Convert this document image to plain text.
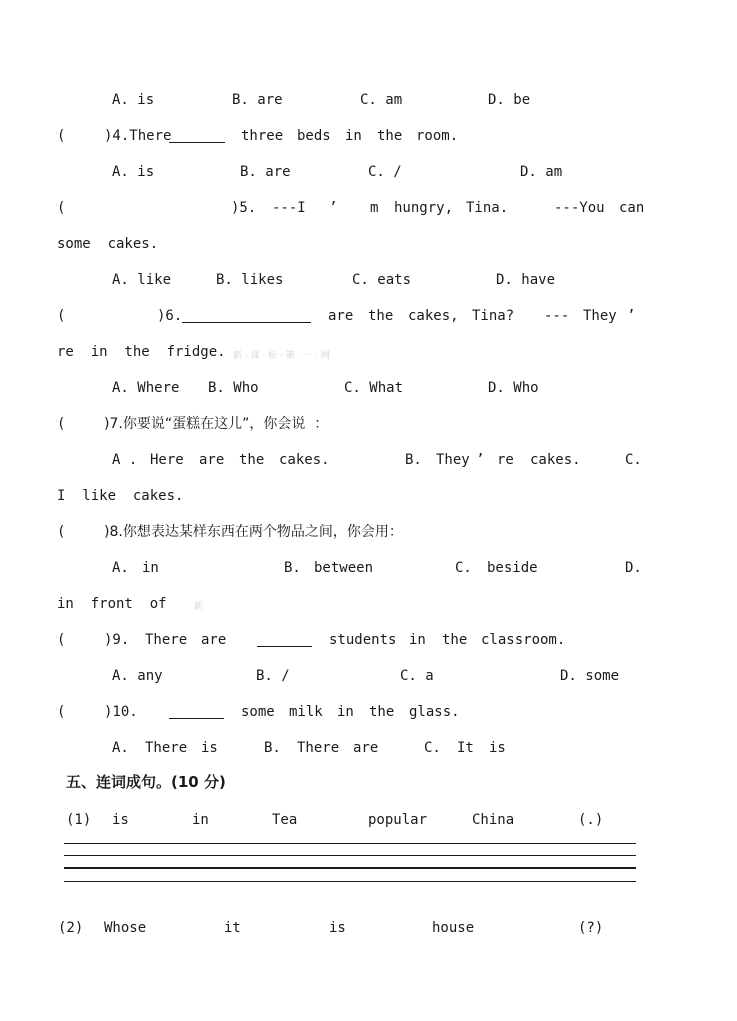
A. is	B. are	C. am	D. be
(	)4.There	three beds in the room.
A. is	B. are	C. /	D. am
(	)5. ---I ’ m hungry, Tina.	---You can
some  cakes.
A. like	B. likes	C. eats	D. have
(	)6.	are the cakes, Tina? --- They ’
re  in  the  fridge. 新 · 课 · 标 · 第 · 一 · 网
A. Where B. Who	C. What	D. Who
(	)7.你要说“蛋糕在这儿”，你会说  ：
A . Here are the cakes.	B. They ’ re cakes.	C.
I  like  cakes.
(	)8.你想表达某样东西在两个物品之间，你会用：
A. in	B. between	C. beside	D.
in  front  of	新
(	)9. There are	students in the classroom.
A. any	B. /	C. a	D. some
(	)10.	some milk in the glass.
A. There is	B. There are	C. It is
五、连词成句。(10 分)
(1) is	in	Tea	popular	China	(.)
(2) Whose	it	is	house	(?)
